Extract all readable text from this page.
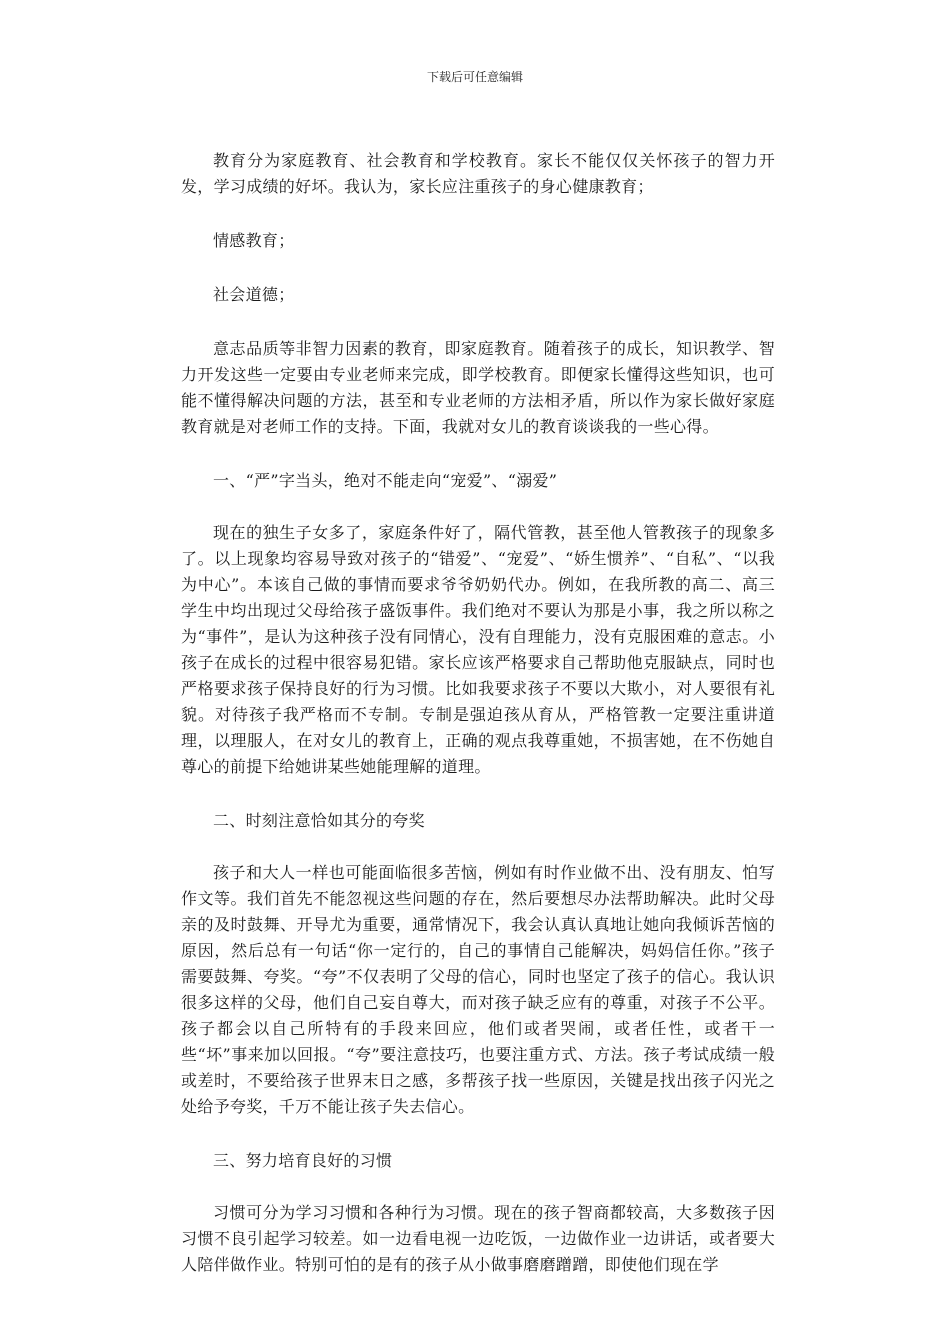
下载后可任意编辑

教育分为家庭教育、社会教育和学校教育。家长不能仅仅关怀孩子的智力开发，学习成绩的好坏。我认为，家长应注重孩子的身心健康教育；

情感教育；

社会道德；

意志品质等非智力因素的教育，即家庭教育。随着孩子的成长，知识教学、智力开发这些一定要由专业老师来完成，即学校教育。即便家长懂得这些知识，也可能不懂得解决问题的方法，甚至和专业老师的方法相矛盾，所以作为家长做好家庭教育就是对老师工作的支持。下面，我就对女儿的教育谈谈我的一些心得。

一、“严”字当头，绝对不能走向“宠爱”、“溺爱”

现在的独生子女多了，家庭条件好了，隔代管教，甚至他人管教孩子的现象多了。以上现象均容易导致对孩子的“错爱”、“宠爱”、“娇生惯养”、“自私”、“以我为中心”。本该自己做的事情而要求爷爷奶奶代办。例如，在我所教的高二、高三学生中均出现过父母给孩子盛饭事件。我们绝对不要认为那是小事，我之所以称之为“事件”，是认为这种孩子没有同情心，没有自理能力，没有克服困难的意志。小孩子在成长的过程中很容易犯错。家长应该严格要求自己帮助他克服缺点，同时也严格要求孩子保持良好的行为习惯。比如我要求孩子不要以大欺小，对人要很有礼貌。对待孩子我严格而不专制。专制是强迫孩从育从，严格管教一定要注重讲道理，以理服人，在对女儿的教育上，正确的观点我尊重她，不损害她，在不伤她自尊心的前提下给她讲某些她能理解的道理。

二、时刻注意恰如其分的夸奖

孩子和大人一样也可能面临很多苦恼，例如有时作业做不出、没有朋友、怕写作文等。我们首先不能忽视这些问题的存在，然后要想尽办法帮助解决。此时父母亲的及时鼓舞、开导尤为重要，通常情况下，我会认真认真地让她向我倾诉苦恼的原因，然后总有一句话“你一定行的，自己的事情自己能解决，妈妈信任你。”孩子需要鼓舞、夸奖。“夸”不仅表明了父母的信心，同时也坚定了孩子的信心。我认识很多这样的父母，他们自己妄自尊大，而对孩子缺乏应有的尊重，对孩子不公平。孩子都会以自己所特有的手段来回应，他们或者哭闹，或者任性，或者干一些“坏”事来加以回报。“夸”要注意技巧，也要注重方式、方法。孩子考试成绩一般或差时，不要给孩子世界末日之感，多帮孩子找一些原因，关键是找出孩子闪光之处给予夸奖，千万不能让孩子失去信心。

三、努力培育良好的习惯

习惯可分为学习习惯和各种行为习惯。现在的孩子智商都较高，大多数孩子因习惯不良引起学习较差。如一边看电视一边吃饭，一边做作业一边讲话，或者要大人陪伴做作业。特别可怕的是有的孩子从小做事磨磨蹭蹭，即使他们现在学
